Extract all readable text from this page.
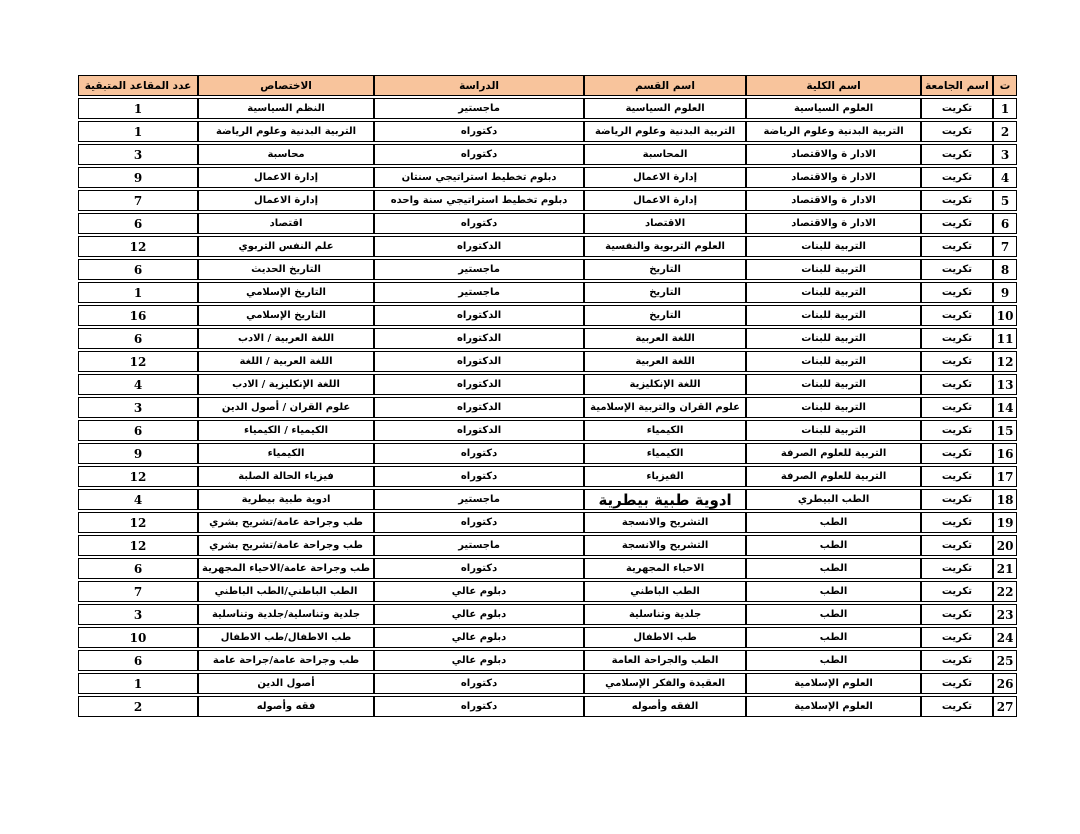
ت	اسم الجامعة	اسم الكلية	اسم القسم	الدراسة	الاختصاص	عدد المقاعد المتبقية
1	تكريت	العلوم السياسية	العلوم السياسية	ماجستير	النظم السياسية	1
2	تكريت	التربية البدنية وعلوم الرياضة	التربية البدنية وعلوم الرياضة	دكتوراه	التربية البدنية وعلوم الرياضة	1
3	تكريت	الادار ة والاقتصاد	المحاسبة	دكتوراه	محاسبة	3
4	تكريت	الادار ة والاقتصاد	إدارة الاعمال	دبلوم تخطيط استراتيجي سنتان	إدارة الاعمال	9
5	تكريت	الادار ة والاقتصاد	إدارة الاعمال	دبلوم تخطيط استراتيجي سنة واحده	إدارة الاعمال	7
6	تكريت	الادار ة والاقتصاد	الاقتصاد	دكتوراه	اقتصاد	6
7	تكريت	التربية للبنات	العلوم التربوية والنفسية	الدكتوراه	علم النفس التربوي	12
8	تكريت	التربية للبنات	التاريخ	ماجستير	التاريخ الحديث	6
9	تكريت	التربية للبنات	التاريخ	ماجستير	التاريخ الإسلامي	1
10	تكريت	التربية للبنات	التاريخ	الدكتوراه	التاريخ الإسلامي	16
11	تكريت	التربية للبنات	اللغة العربية	الدكتوراه	اللغة العربية / الادب	6
12	تكريت	التربية للبنات	اللغة العربية	الدكتوراه	اللغة العربية / اللغة	12
13	تكريت	التربية للبنات	اللغة الإنكليزية	الدكتوراه	اللغة الإنكليزية / الادب	4
14	تكريت	التربية للبنات	علوم القران والتربية الإسلامية	الدكتوراه	علوم القران / أصول الدين	3
15	تكريت	التربية للبنات	الكيمياء	الدكتوراه	الكيمياء / الكيمياء	6
16	تكريت	التربية للعلوم الصرفة	الكيمياء	دكتوراه	الكيمياء	9
17	تكريت	التربية للعلوم الصرفة	الفيزياء	دكتوراه	فيزياء الحالة الصلبة	12
18	تكريت	الطب البيطري	ادوية طبية بيطرية	ماجستير	ادوية طبية بيطرية	4
19	تكريت	الطب	التشريح والانسجة	دكتوراه	طب وجراحة عامة/تشريح بشري	12
20	تكريت	الطب	التشريح والانسجة	ماجستير	طب وجراحة عامة/تشريح بشري	12
21	تكريت	الطب	الاحياء المجهرية	دكتوراه	طب وجراحة عامة/الاحياء المجهرية	6
22	تكريت	الطب	الطب الباطني	دبلوم عالي	الطب الباطني/الطب الباطني	7
23	تكريت	الطب	جلدية وتناسلية	دبلوم عالي	جلدية وتناسلية/جلدية وتناسلية	3
24	تكريت	الطب	طب الاطفال	دبلوم عالي	طب الاطفال/طب الاطفال	10
25	تكريت	الطب	الطب والجراحة العامة	دبلوم عالي	طب وجراحة عامة/جراحة عامة	6
26	تكريت	العلوم الإسلامية	العقيدة والفكر الإسلامي	دكتوراه	أصول الدين	1
27	تكريت	العلوم الإسلامية	الفقه وأصوله	دكتوراه	فقه وأصوله	2
